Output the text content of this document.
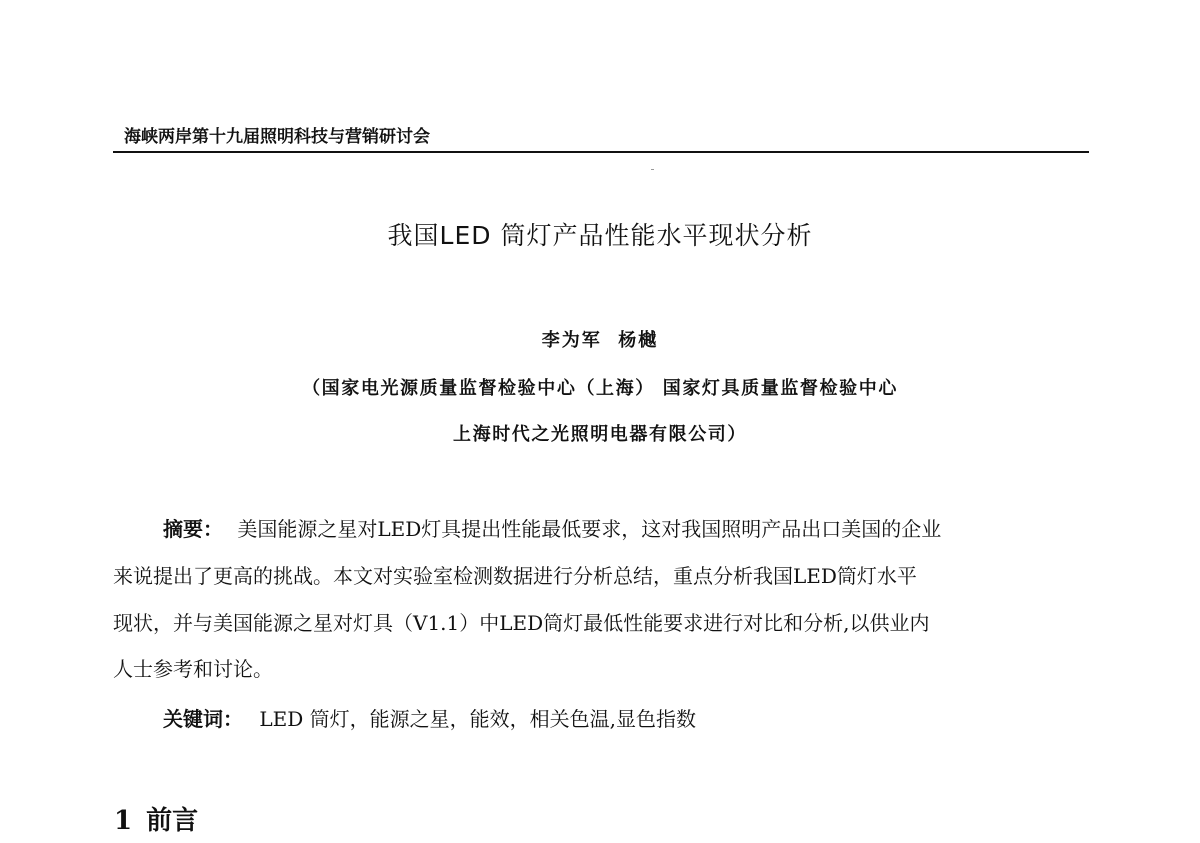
海峡两岸第十九届照明科技与营销研讨会
我国LED 筒灯产品性能水平现状分析
李为军  杨樾
（国家电光源质量监督检验中心（上海） 国家灯具质量监督检验中心
上海时代之光照明电器有限公司）
摘要： 美国能源之星对LED灯具提出性能最低要求，这对我国照明产品出口美国的企业
来说提出了更高的挑战。本文对实验室检测数据进行分析总结，重点分析我国LED筒灯水平
现状，并与美国能源之星对灯具（V1.1）中LED筒灯最低性能要求进行对比和分析,以供业内
人士参考和讨论。
关键词： LED 筒灯，能源之星，能效，相关色温,显色指数
1 前言
